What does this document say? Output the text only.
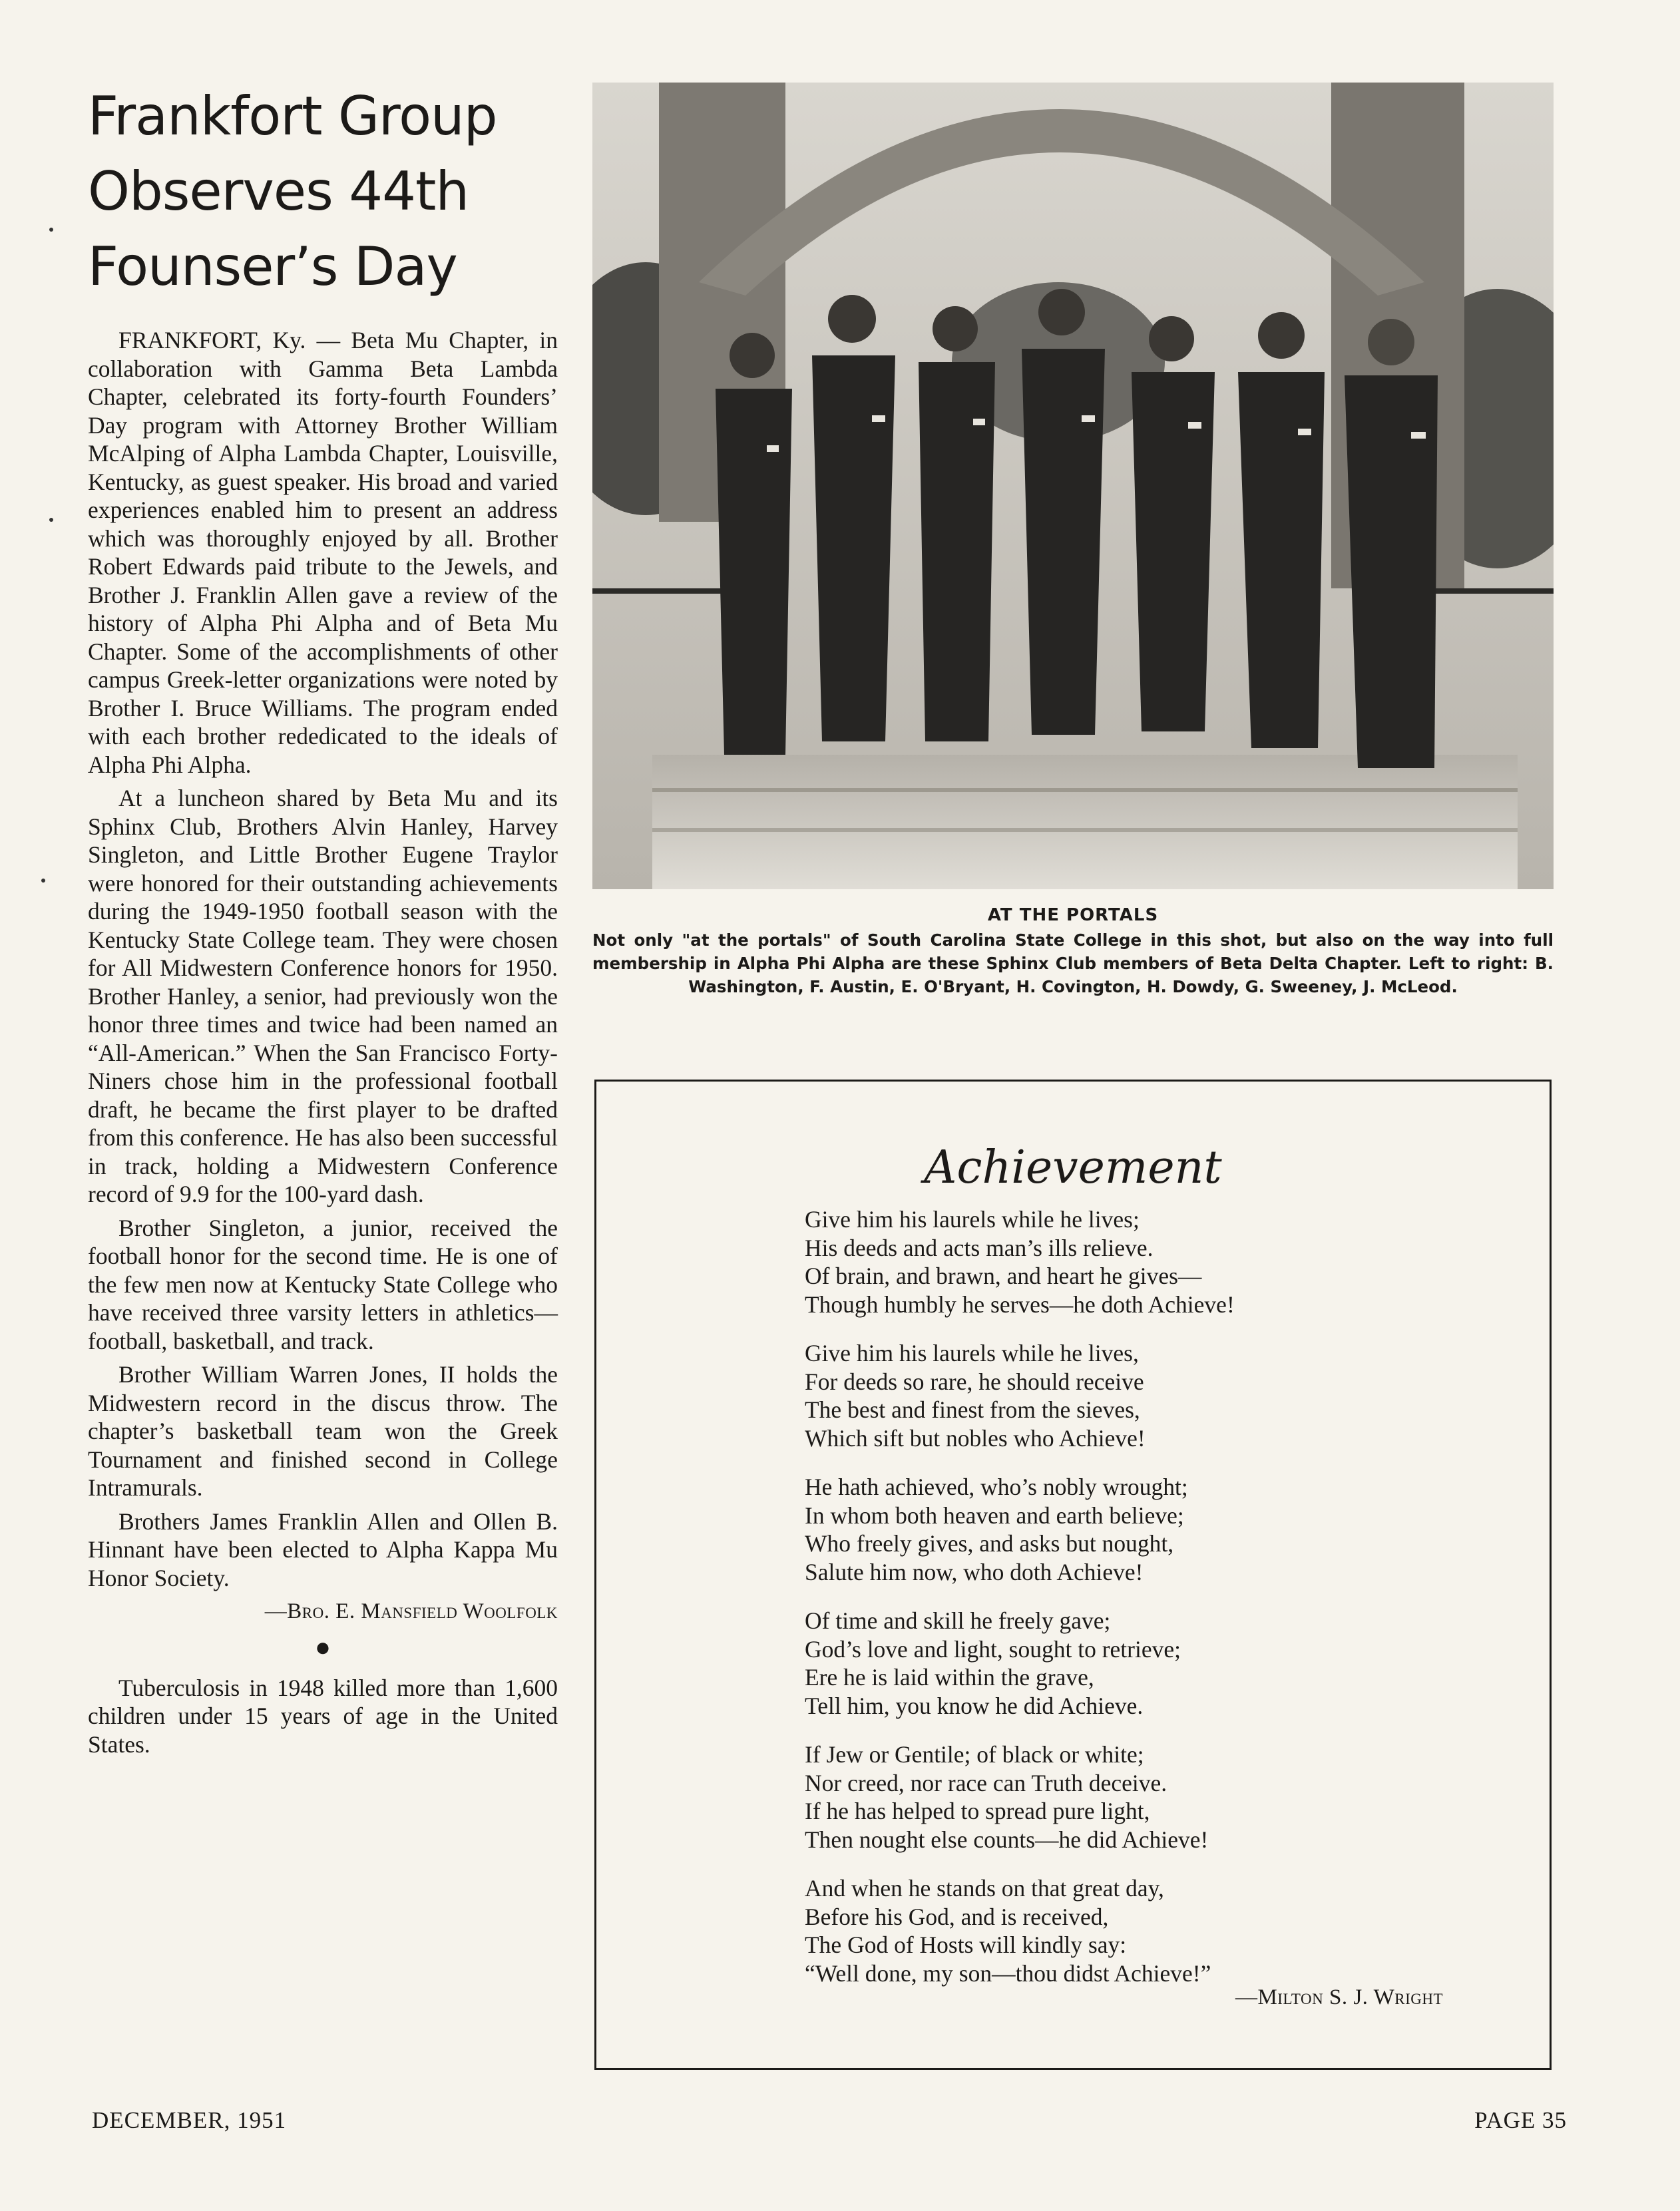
Frankfort Group
Observes 44th
Founser’s Day

FRANKFORT, Ky. — Beta Mu Chapter, in collaboration with Gamma Beta Lambda Chapter, celebrated its forty-fourth Founders’ Day program with Attorney Brother William McAlping of Alpha Lambda Chapter, Louisville, Kentucky, as guest speaker. His broad and varied experiences enabled him to present an address which was thoroughly enjoyed by all. Brother Robert Edwards paid tribute to the Jewels, and Brother J. Franklin Allen gave a review of the history of Alpha Phi Alpha and of Beta Mu Chapter. Some of the accomplishments of other campus Greek-letter organizations were noted by Brother I. Bruce Williams. The program ended with each brother rededicated to the ideals of Alpha Phi Alpha.

At a luncheon shared by Beta Mu and its Sphinx Club, Brothers Alvin Hanley, Harvey Singleton, and Little Brother Eugene Traylor were honored for their outstanding achievements during the 1949-1950 football season with the Kentucky State College team. They were chosen for All Midwestern Conference honors for 1950. Brother Hanley, a senior, had previously won the honor three times and twice had been named an “All-American.” When the San Francisco Forty-Niners chose him in the professional football draft, he became the first player to be drafted from this conference. He has also been successful in track, holding a Midwestern Conference record of 9.9 for the 100-yard dash.

Brother Singleton, a junior, received the football honor for the second time. He is one of the few men now at Kentucky State College who have received three varsity letters in athletics—football, basketball, and track.

Brother William Warren Jones, II holds the Midwestern record in the discus throw. The chapter’s basketball team won the Greek Tournament and finished second in College Intramurals.

Brothers James Franklin Allen and Ollen B. Hinnant have been elected to Alpha Kappa Mu Honor Society.

—Bro. E. Mansfield Woolfolk
●

Tuberculosis in 1948 killed more than 1,600 children under 15 years of age in the United States.

AT THE PORTALS
Not only "at the portals" of South Carolina State College in this shot, but also on the way into full membership in Alpha Phi Alpha are these Sphinx Club members of Beta Delta Chapter. Left to right: B. Washington, F. Austin, E. O'Bryant, H. Covington, H. Dowdy, G. Sweeney, J. McLeod.
Achievement
Give him his laurels while he lives;
His deeds and acts man’s ills relieve.
Of brain, and brawn, and heart he gives—
Though humbly he serves—he doth Achieve!
Give him his laurels while he lives,
For deeds so rare, he should receive
The best and finest from the sieves,
Which sift but nobles who Achieve!
He hath achieved, who’s nobly wrought;
In whom both heaven and earth believe;
Who freely gives, and asks but nought,
Salute him now, who doth Achieve!
Of time and skill he freely gave;
God’s love and light, sought to retrieve;
Ere he is laid within the grave,
Tell him, you know he did Achieve.
If Jew or Gentile; of black or white;
Nor creed, nor race can Truth deceive.
If he has helped to spread pure light,
Then nought else counts—he did Achieve!
And when he stands on that great day,
Before his God, and is received,
The God of Hosts will kindly say:
“Well done, my son—thou didst Achieve!”
—Milton S. J. Wright
DECEMBER, 1951	PAGE 35
